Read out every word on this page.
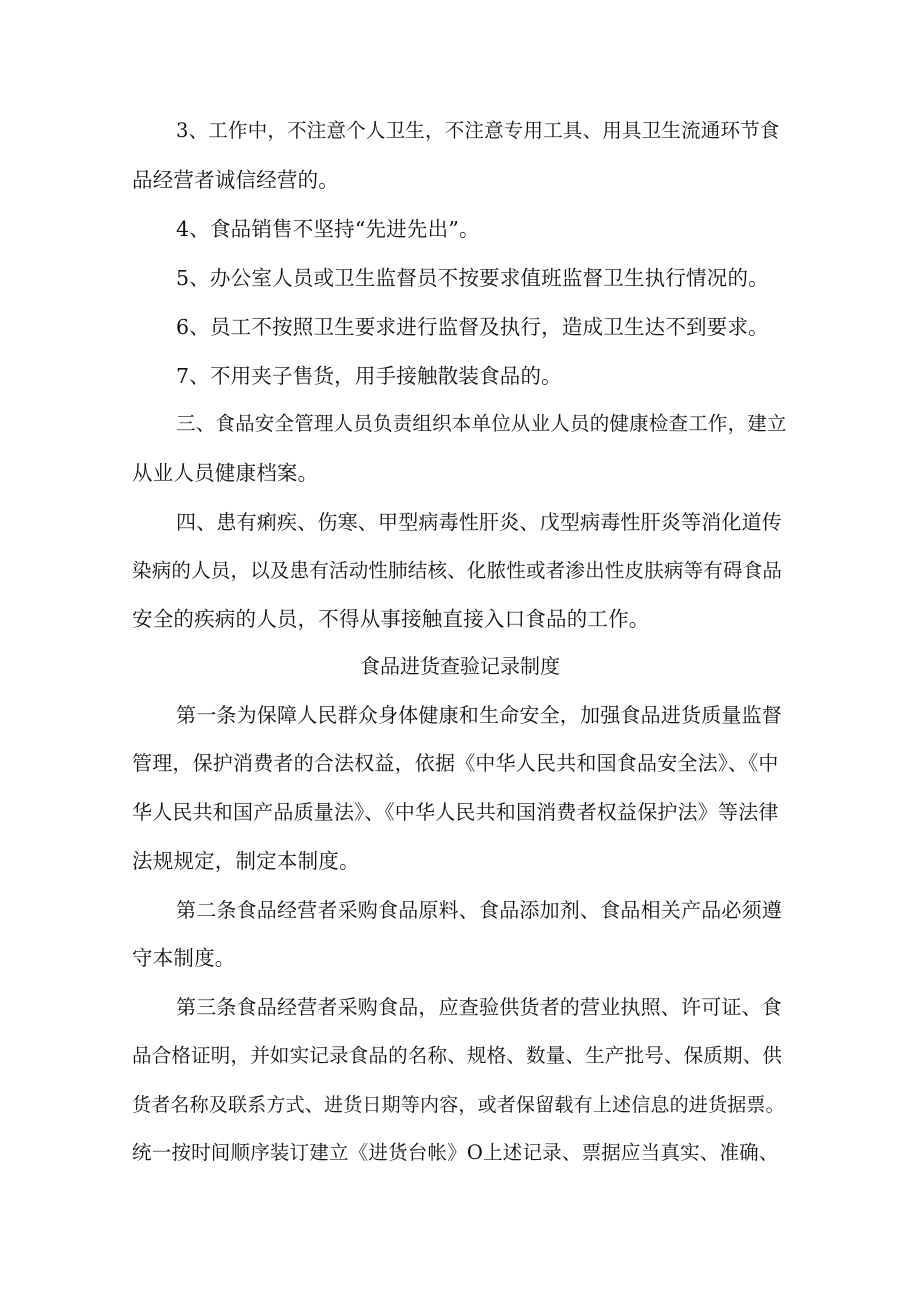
3、工作中，不注意个人卫生，不注意专用工具、用具卫生流通环节食
品经营者诚信经营的。
4、食品销售不坚持“先进先出”。
5、办公室人员或卫生监督员不按要求值班监督卫生执行情况的。
6、员工不按照卫生要求进行监督及执行，造成卫生达不到要求。
7、不用夹子售货，用手接触散装食品的。
三、食品安全管理人员负责组织本单位从业人员的健康检查工作，建立
从业人员健康档案。
四、患有痢疾、伤寒、甲型病毒性肝炎、戊型病毒性肝炎等消化道传
染病的人员，以及患有活动性肺结核、化脓性或者渗出性皮肤病等有碍食品
安全的疾病的人员，不得从事接触直接入口食品的工作。
食品进货查验记录制度
第一条为保障人民群众身体健康和生命安全，加强食品进货质量监督
管理，保护消费者的合法权益，依据《中华人民共和国食品安全法》、《中
华人民共和国产品质量法》、《中华人民共和国消费者权益保护法》等法律
法规规定，制定本制度。
第二条食品经营者采购食品原料、食品添加剂、食品相关产品必须遵
守本制度。
第三条食品经营者采购食品，应查验供货者的营业执照、许可证、食
品合格证明，并如实记录食品的名称、规格、数量、生产批号、保质期、供
货者名称及联系方式、进货日期等内容，或者保留载有上述信息的进货据票。
统一按时间顺序装订建立《进货台帐》O上述记录、票据应当真实、准确、
